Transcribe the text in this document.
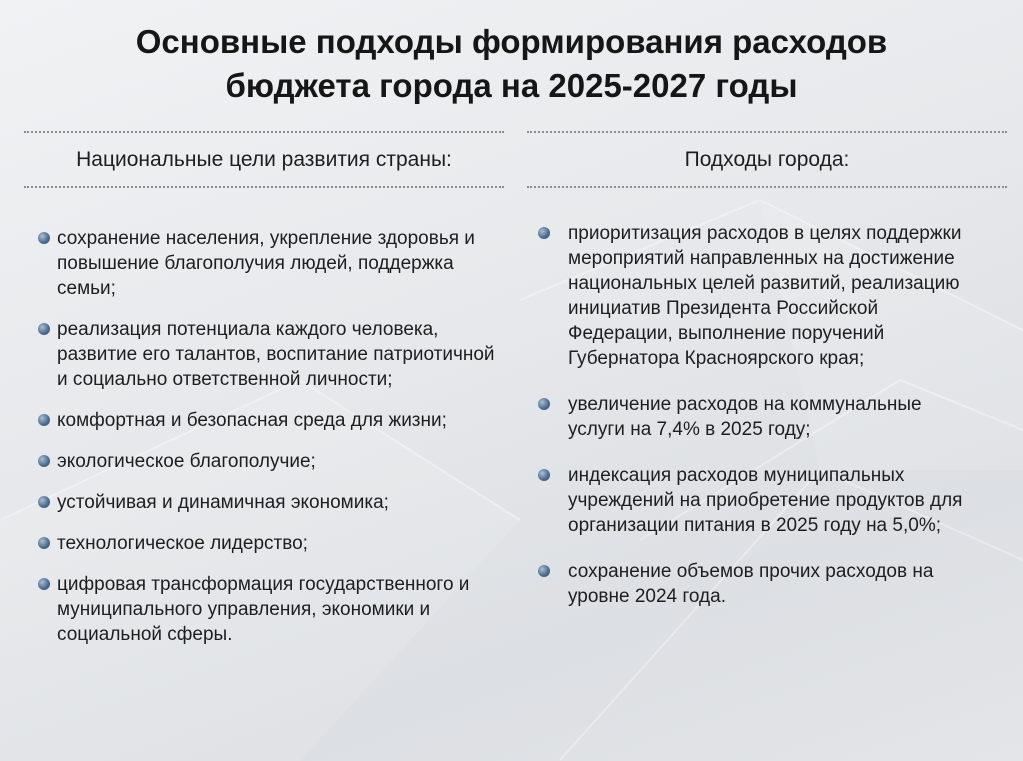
Основные подходы формирования расходов
бюджета города на 2025-2027 годы
Национальные цели развития страны:	Подходы города:
сохранение населения, укрепление здоровья и повышение благополучия людей, поддержка семьи;
реализация потенциала каждого человека, развитие его талантов, воспитание патриотичной и социально ответственной личности;
комфортная и безопасная среда для жизни;
экологическое благополучие;
устойчивая и динамичная экономика;
технологическое лидерство;
цифровая трансформация государственного и муниципального управления, экономики и социальной сферы.
приоритизация расходов в целях поддержки мероприятий направленных на достижение национальных целей развитий, реализацию инициатив Президента Российской Федерации, выполнение поручений Губернатора Красноярского края;
увеличение расходов на коммунальные услуги на 7,4% в 2025 году;
индексация расходов муниципальных учреждений на приобретение продуктов для организации питания в 2025 году на 5,0%;
сохранение объемов прочих расходов на уровне 2024 года.
